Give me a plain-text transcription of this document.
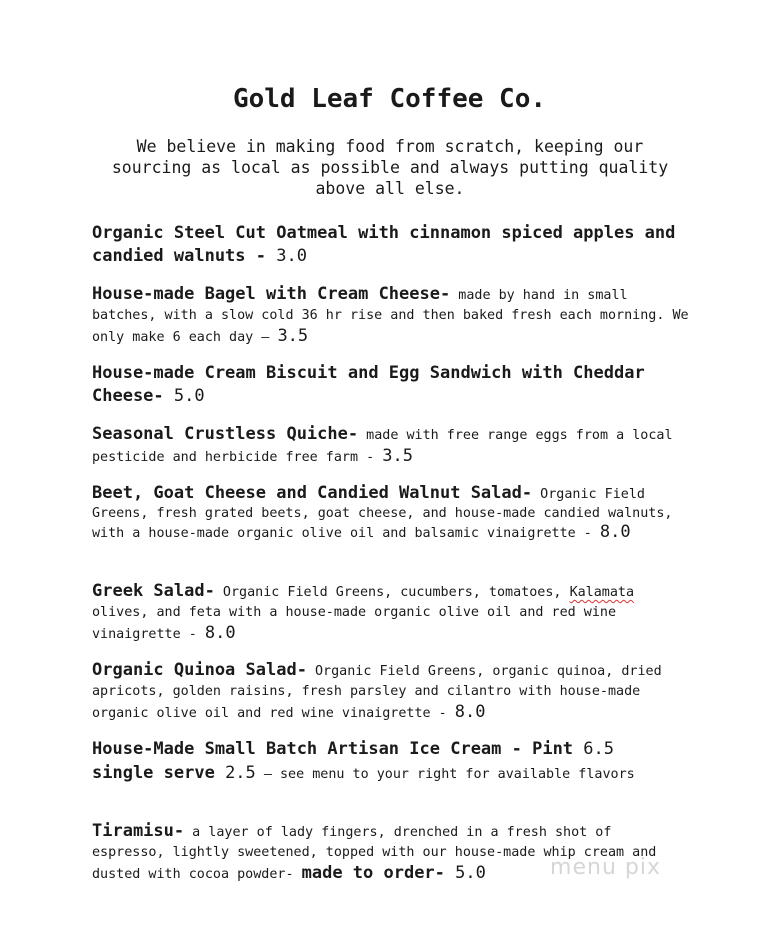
Gold Leaf Coffee Co.
We believe in making food from scratch, keeping our sourcing as local as possible and always putting quality above all else.
Organic Steel Cut Oatmeal with cinnamon spiced apples and candied walnuts - 3.0
House-made Bagel with Cream Cheese- made by hand in small batches, with a slow cold 36 hr rise and then baked fresh each morning. We only make 6 each day — 3.5
House-made Cream Biscuit and Egg Sandwich with Cheddar Cheese- 5.0
Seasonal Crustless Quiche- made with free range eggs from a local pesticide and herbicide free farm - 3.5
Beet, Goat Cheese and Candied Walnut Salad- Organic Field Greens, fresh grated beets, goat cheese, and house-made candied walnuts, with a house-made organic olive oil and balsamic vinaigrette - 8.0
Greek Salad- Organic Field Greens, cucumbers, tomatoes, Kalamata olives, and feta with a house-made organic olive oil and red wine vinaigrette - 8.0
Organic Quinoa Salad- Organic Field Greens, organic quinoa, dried apricots, golden raisins, fresh parsley and cilantro with house-made organic olive oil and red wine vinaigrette - 8.0
House-Made Small Batch Artisan Ice Cream - Pint 6.5
single serve 2.5 — see menu to your right for available flavors
Tiramisu- a layer of lady fingers, drenched in a fresh shot of espresso, lightly sweetened, topped with our house-made whip cream and dusted with cocoa powder- made to order- 5.0	menu pix
